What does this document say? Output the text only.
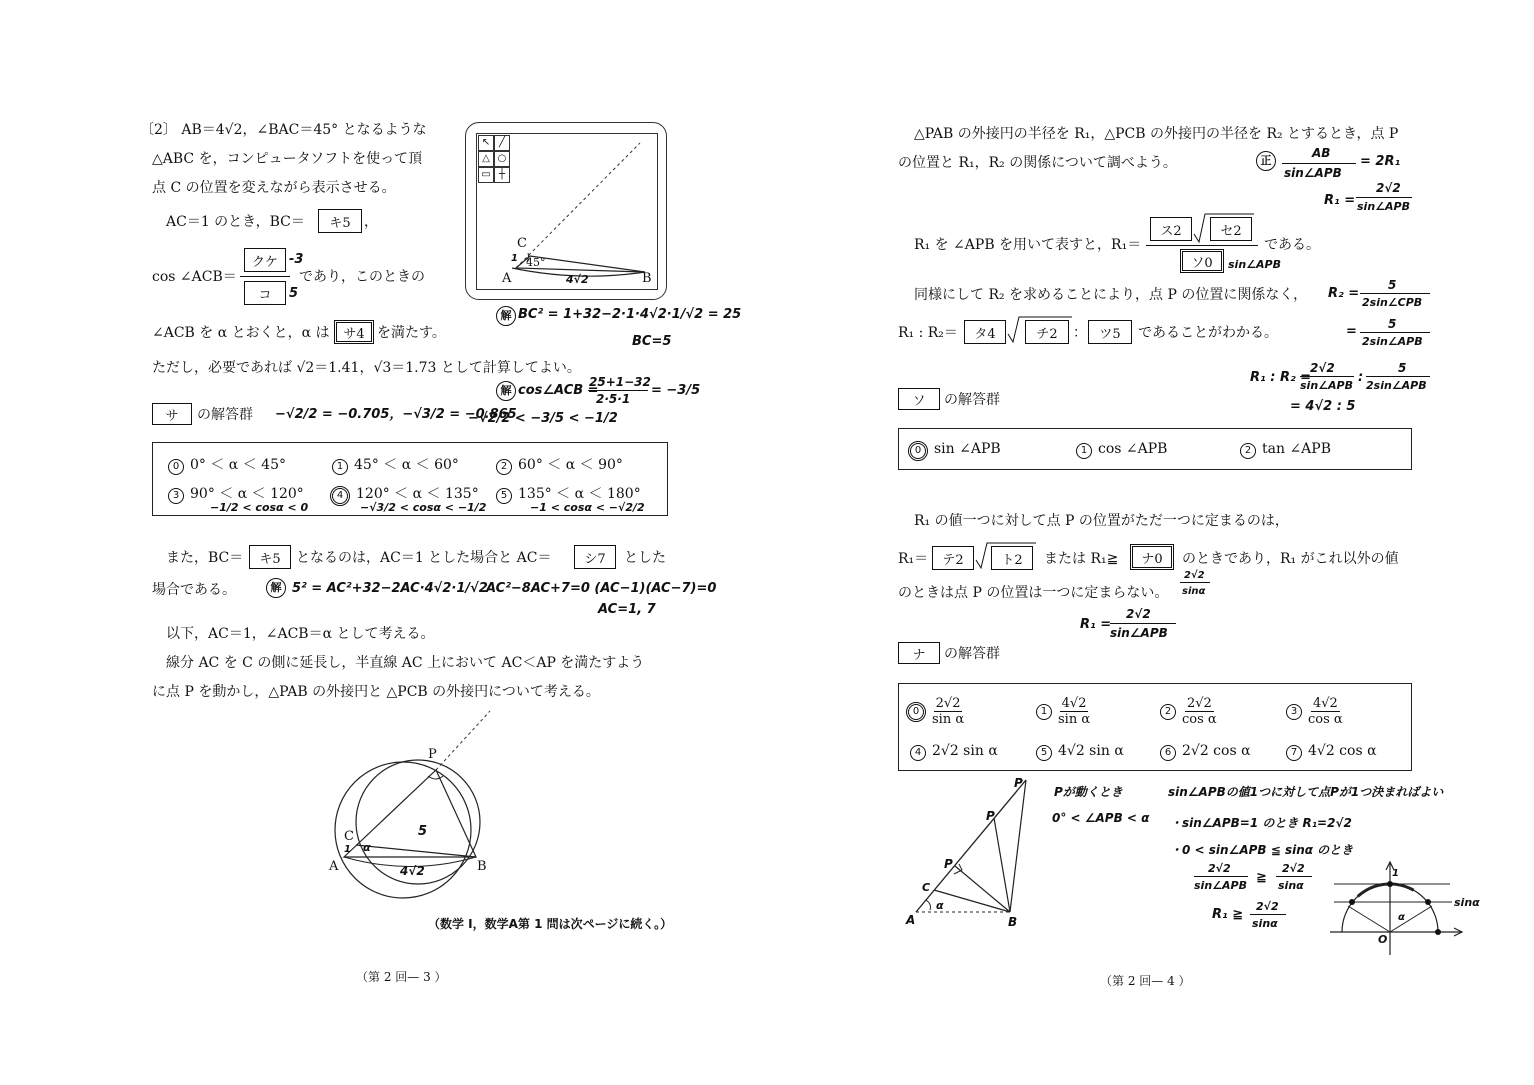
〔2〕 AB＝4√2，∠BAC＝45° となるような
△ABC を，コンピュータソフトを使って頂
点 C の位置を変えながら表示させる。
AC＝1 のとき，BC＝	キ5 ，
cos ∠ACB＝
クケ
コ
-3
5
であり，このときの
↖ ╱
△ ○
▭ ┼
A	B
C
45°
1
4√2
∠ACB を α とおくと，α は	サ4 を満たす。
解 BC² = 1+32−2·1·4√2·1/√2 = 25
BC=5
ただし，必要であれば √2＝1.41，√3＝1.73 として計算してよい。
解 cos∠ACB =
25+1−32
2·5·1
= −3/5
サ	の解答群 −√2/2 = −0.705，−√3/2 = −0.865
−√2/2 < −3/5 < −1/2
0 0° ＜ α ＜ 45°	1 45° ＜ α ＜ 60°	2 60° ＜ α ＜ 90°
3 90° ＜ α ＜ 120°	4 120° ＜ α ＜ 135°	5 135° ＜ α ＜ 180°
−1/2 < cosα < 0	−√3/2 < cosα < −1/2	−1 < cosα < −√2/2
また，BC＝	キ5	となるのは，AC＝1 とした場合と AC＝	シ7	とした
場合である。	解 5² = AC²+32−2AC·4√2·1/√2
AC²−8AC+7=0 (AC−1)(AC−7)=0
AC=1, 7
以下，AC＝1，∠ACB＝α として考える。
線分 AC を C の側に延長し，半直線 AC 上において AC＜AP を満たすよう
に点 P を動かし，△PAB の外接円と △PCB の外接円について考える。
P
A	B
C	5
4√2
1 α
（数学 I，数学A第 1 問は次ページに続く。）
（第 2 回— 3 ）
△PAB の外接円の半径を R₁，△PCB の外接円の半径を R₂ とするとき，点 P
の位置と R₁，R₂ の関係について調べよう。	正
AB
sin∠APB
= 2R₁
R₁ =
2√2
sin∠APB
R₁ を ∠APB を用いて表すと，R₁＝
ス2	セ2
ソ0	sin∠APB
である。
同様にして R₂ を求めることにより，点 P の位置に関係なく， R₂ =
5
2sin∠CPB
=	5
2sin∠APB
R₁ : R₂＝	タ4	チ2	： ツ5	であることがわかる。
R₁ : R₂ =
2√2
sin∠APB
:
5
2sin∠APB
= 4√2 : 5
ソ	の解答群
0 sin ∠APB	1 cos ∠APB	2 tan ∠APB
R₁ の値一つに対して点 P の位置がただ一つに定まるのは，
R₁＝	テ2	ト2	または R₁≧	ナ0	のときであり，R₁ がこれ以外の値
のときは点 P の位置は一つに定まらない。
2√2
sinα
R₁ =
2√2
sin∠APB
ナ	の解答群
$0 \frac{2√2}{\text{sin α}}$	$1 \frac{4√2}{\text{sin α}}$	$2 \frac{2√2}{\text{cos α}}$	$3 \frac{4√2}{\text{cos α}}$
4 2√2 sin α	5 4√2 sin α	6 2√2 cos α	7 4√2 cos α
P
P
P
A	B
C
α
Pが動くとき
0° < ∠APB < α
sin∠APBの値1つに対して点Pが1つ決まればよい
・sin∠APB=1 のとき R₁=2√2
・0 < sin∠APB ≦ sinα のとき
2√2
sin∠APB
≧
2√2
sinα
R₁ ≧
2√2
sinα
1
O
α
sinα
（第 2 回— 4 ）
